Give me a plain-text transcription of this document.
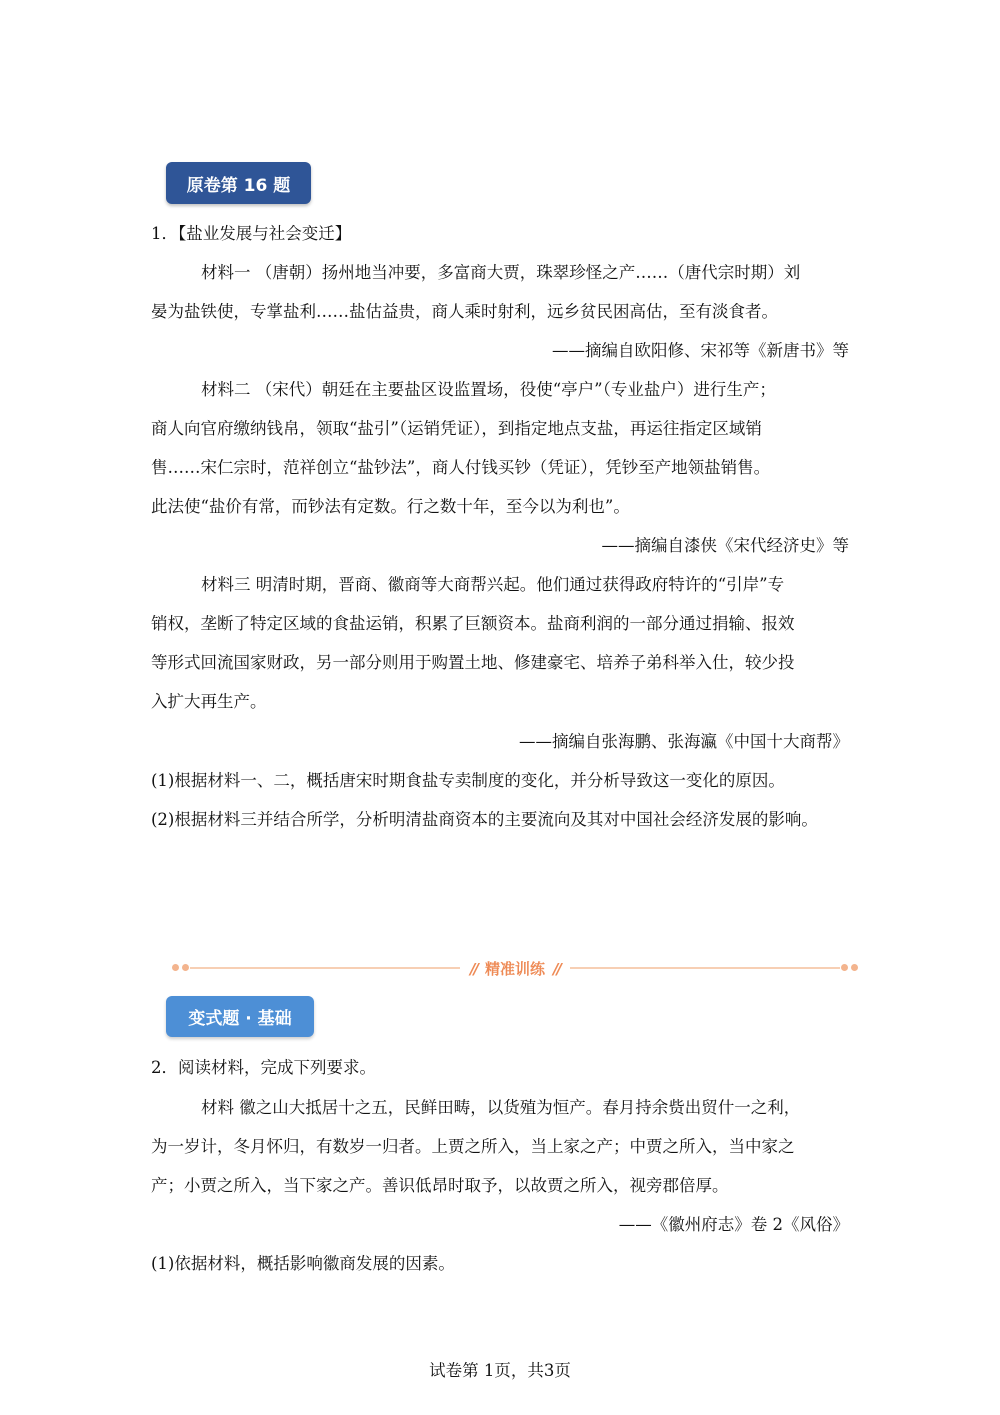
原卷第 16 题
1．【盐业发展与社会变迁】
材料一 （唐朝）扬州地当冲要，多富商大贾，珠翠珍怪之产……（唐代宗时期）刘
晏为盐铁使，专掌盐利……盐估益贵，商人乘时射利，远乡贫民困高估，至有淡食者。
——摘编自欧阳修、宋祁等《新唐书》等
材料二 （宋代）朝廷在主要盐区设监置场，役使“亭户”（专业盐户）进行生产；
商人向官府缴纳钱帛，领取“盐引”（运销凭证），到指定地点支盐，再运往指定区域销
售……宋仁宗时，范祥创立“盐钞法”，商人付钱买钞（凭证），凭钞至产地领盐销售。
此法使“盐价有常，而钞法有定数。行之数十年，至今以为利也”。
——摘编自漆侠《宋代经济史》等
材料三 明清时期，晋商、徽商等大商帮兴起。他们通过获得政府特许的“引岸”专
销权，垄断了特定区域的食盐运销，积累了巨额资本。盐商利润的一部分通过捐输、报效
等形式回流国家财政，另一部分则用于购置土地、修建豪宅、培养子弟科举入仕，较少投
入扩大再生产。
——摘编自张海鹏、张海瀛《中国十大商帮》
(1)根据材料一、二，概括唐宋时期食盐专卖制度的变化，并分析导致这一变化的原因。
(2)根据材料三并结合所学，分析明清盐商资本的主要流向及其对中国社会经济发展的影响。
// 精准训练 //
变式题 · 基础
2．阅读材料，完成下列要求。
材料 徽之山大抵居十之五，民鲜田畴，以货殖为恒产。春月持余赀出贸什一之利，
为一岁计，冬月怀归，有数岁一归者。上贾之所入，当上家之产；中贾之所入，当中家之
产；小贾之所入，当下家之产。善识低昂时取予，以故贾之所入，视旁郡倍厚。
——《徽州府志》卷 2《风俗》
(1)依据材料，概括影响徽商发展的因素。
试卷第 1页，共3页
